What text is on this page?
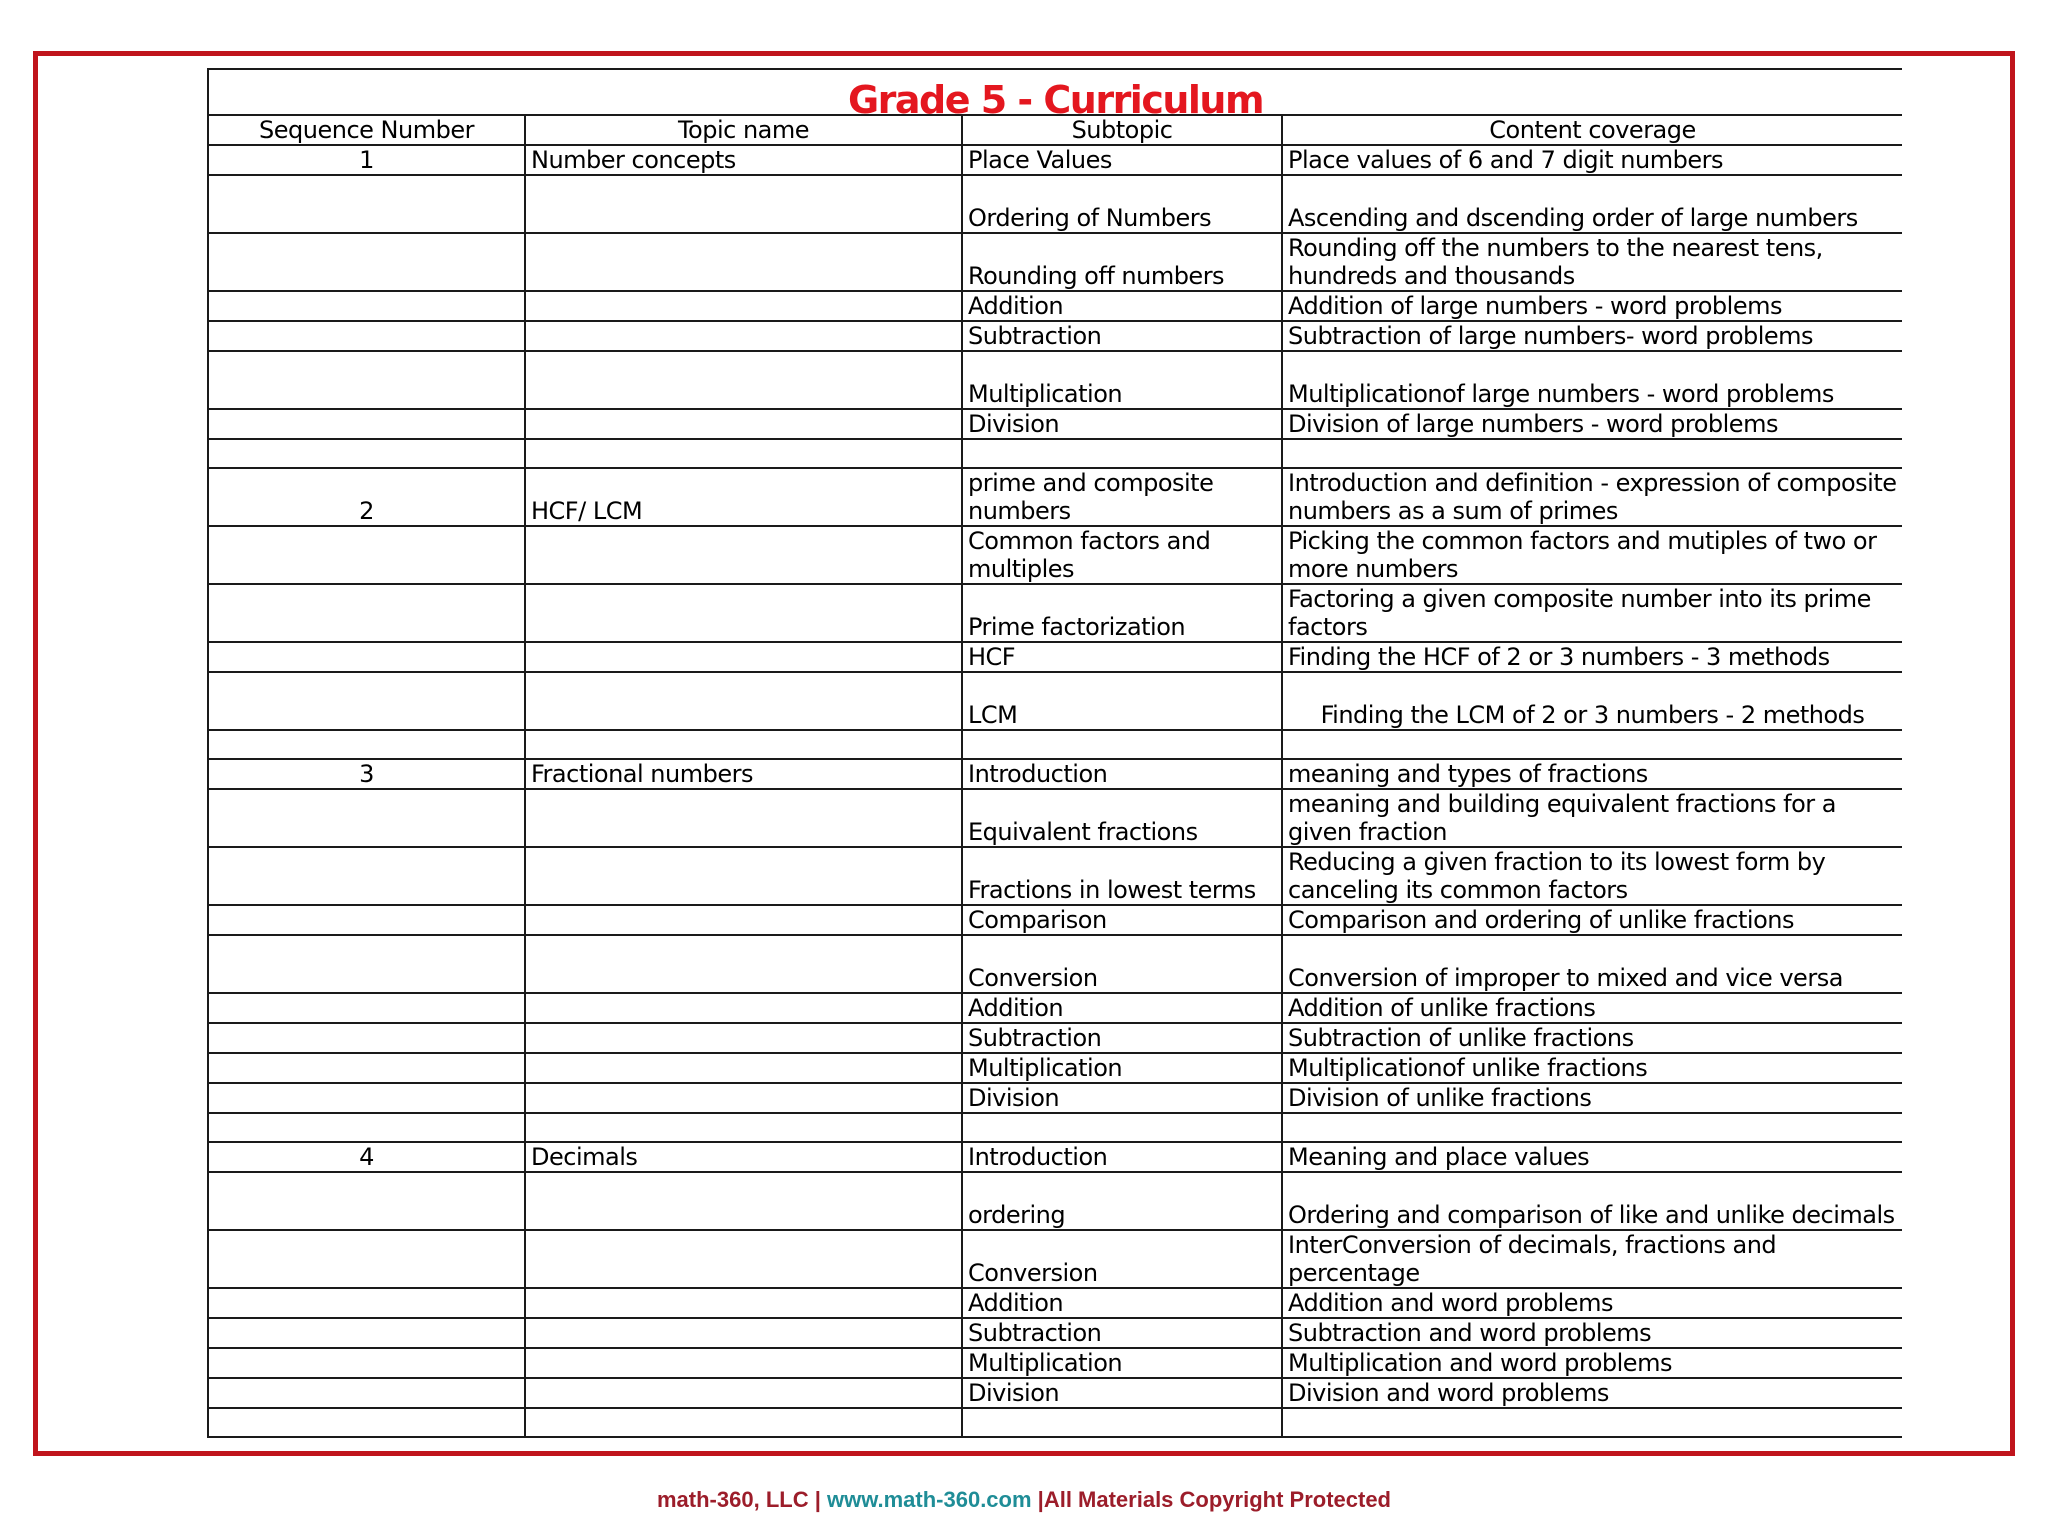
Grade 5 - Curriculum			
Sequence Number	Topic name	Subtopic	Content coverage
1	Number concepts	Place Values	Place values of 6 and 7 digit numbers
		Ordering of Numbers	Ascending and dscending order of large numbers
		Rounding off numbers	Rounding off the numbers to the nearest tens, hundreds and thousands
		Addition	Addition of large numbers - word problems
		Subtraction	Subtraction of large numbers- word problems
		Multiplication	Multiplicationof large numbers - word problems
		Division	Division of large numbers - word problems

2	HCF/ LCM	prime and composite numbers	Introduction and definition - expression of composite numbers as a sum of primes
		Common factors and multiples	Picking the common factors and mutiples of two or more numbers
		Prime factorization	Factoring a given composite number into its prime factors
		HCF	Finding the HCF of 2 or 3 numbers - 3 methods
		LCM	Finding the LCM of 2 or 3 numbers - 2 methods

3	Fractional numbers	Introduction	meaning and types of fractions
		Equivalent fractions	meaning and building equivalent fractions for a given fraction
		Fractions in lowest terms	Reducing a given fraction to its lowest form by canceling its common factors
		Comparison	Comparison and ordering of unlike fractions
		Conversion	Conversion of improper to mixed and vice versa
		Addition	Addition of unlike fractions
		Subtraction	Subtraction of unlike fractions
		Multiplication	Multiplicationof unlike fractions
		Division	Division of unlike fractions

4	Decimals	Introduction	Meaning and place values
		ordering	Ordering and comparison of like and unlike decimals
		Conversion	InterConversion of decimals, fractions and percentage
		Addition	Addition and word problems
		Subtraction	Subtraction and word problems
		Multiplication	Multiplication and word problems
		Division	Division and word problems

math-360, LLC | www.math-360.com |All Materials Copyright Protected
